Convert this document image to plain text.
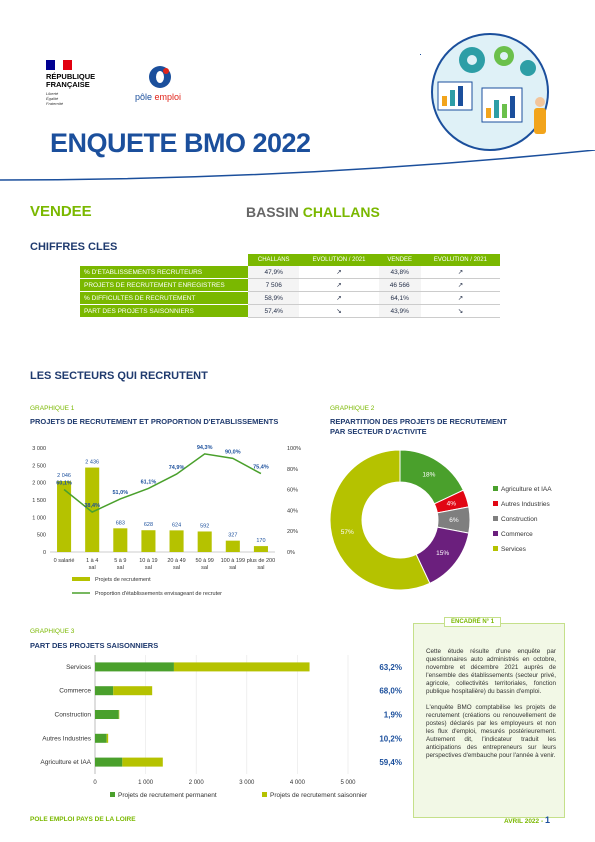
RÉPUBLIQUE
FRANÇAISE
Liberté
Égalité
Fraternité
pôle emploi
ENQUETE BMO 2022
VENDEE	BASSIN CHALLANS
CHIFFRES CLES
	CHALLANS	EVOLUTION / 2021	VENDEE	EVOLUTION / 2021
% D'ETABLISSEMENTS RECRUTEURS	47,9%	↗	43,8%	↗
PROJETS DE RECRUTEMENT ENREGISTRES	7 506	↗	46 566	↗
% DIFFICULTES DE RECRUTEMENT	58,9%	↗	64,1%	↗
PART DES PROJETS SAISONNIERS	57,4%	↘	43,9%	↘
LES SECTEURS QUI RECRUTENT
GRAPHIQUE 1
PROJETS DE RECRUTEMENT ET PROPORTION D'ETABLISSEMENTS
0
500
1 000
1 500
2 000
2 500
3 000
0%
20%
40%
60%
80%
100%
2 046
0 salarié
2 436
1 à 4
sal
683
5 à 9
sal
628
10 à 19
sal
624
20 à 49
sal
592
50 à 99
sal
327
100 à 199
sal
170
plus de 200
sal
60,1%
38,4%
51,0%
61,1%
74,9%
94,3%
90,0%
75,4%
Projets de recrutement
Proportion d'établissements envisageant de recruter
GRAPHIQUE 2
REPARTITION DES PROJETS DE RECRUTEMENT
PAR SECTEUR D'ACTIVITE
18%
4%
6%
15%
57%
Agriculture et IAA
Autres Industries
Construction
Commerce
Services
GRAPHIQUE 3
PART DES PROJETS SAISONNIERS
0	1 000	2 000	3 000	4 000	5 000
Services	63,2%
Commerce	68,0%
Construction	1,9%
Autres Industries	10,2%
Agriculture et IAA	59,4%
Projets de recrutement permanent	Projets de recrutement saisonnier
ENCADRÉ N° 1

Cette étude résulte d'une enquête par questionnaires auto administrés en octobre, novembre et décembre 2021 auprès de l'ensemble des établissements (secteur privé, agricole, collectivités territoriales, fonction publique hospitalière) du bassin d'emploi.

L'enquête BMO comptabilise les projets de recrutement (créations ou renouvellement de postes) déclarés par les employeurs et non les flux d'emploi, mesurés postérieurement. Autrement dit, l'indicateur traduit les anticipations des entrepreneurs sur leurs perspectives d'embauche pour l'année à venir.

POLE EMPLOI PAYS DE LA LOIRE	AVRIL 2022 - 1
